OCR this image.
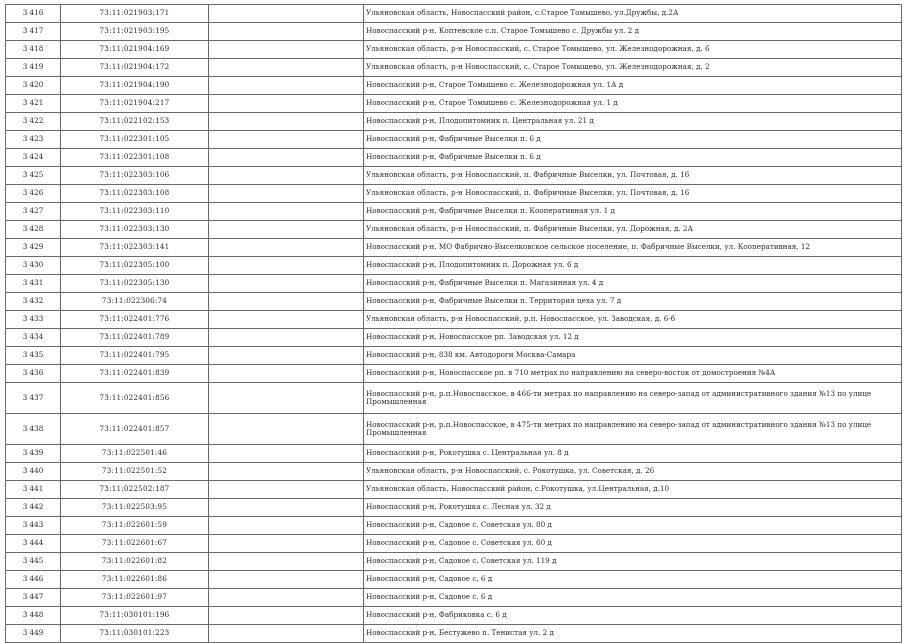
3 416	73:11:021903:171		Ульяновская область, Новоспасский район, с.Старое Томышево, ул.Дружбы, д.2А
3 417	73:11:021903:195		Новоспасский р-н, Коптевское с.п. Старое Томышево с. Дружбы ул. 2 д
3 418	73:11:021904:169		Ульяновская область, р-н Новоспасский, с. Старое Томышево, ул. Железнодорожная, д. 6
3 419	73:11:021904:172		Ульяновская область, р-н Новоспасский, с. Старое Томышево, ул. Железнодорожная, д. 2
3 420	73:11:021904:190		Новоспасский р-н, Старое Томышево с. Железнодорожная ул. 1А д
3 421	73:11:021904:217		Новоспасский р-н, Старое Томышево с. Железнодорожная ул. 1 д
3 422	73:11:022102:153		Новоспасский р-н, Плодопитомник п. Центральная ул. 21 д
3 423	73:11:022301:105		Новоспасский р-н, Фабричные Выселки п. 6 д
3 424	73:11:022301:108		Новоспасский р-н, Фабричные Выселки п. 6 д
3 425	73:11:022303:106		Ульяновская область, р-н Новоспасский, п. Фабричные Выселки, ул. Почтовая, д. 16
3 426	73:11:022303:108		Ульяновская область, р-н Новоспасский, п. Фабричные Выселки, ул. Почтовая, д. 16
3 427	73:11:022303:110		Новоспасский р-н, Фабричные Выселки п. Кооперативная ул. 1 д
3 428	73:11:022303:130		Ульяновская область, р-н Новоспасский, п. Фабричные Выселки, ул. Дорожная, д. 2А
3 429	73:11:022303:141		Новоспасский р-н, МО Фабрично-Выселковское сельское поселение, п. Фабричные Выселки, ул. Кооперативная, 12
3 430	73:11:022305:100		Новоспасский р-н, Плодопитомник п. Дорожная ул. 6 д
3 431	73:11:022305:130		Новоспасский р-н, Фабричные Выселки п. Магазинная ул. 4 д
3 432	73:11:022306:74		Новоспасский р-н, Фабричные Выселки п. Территория цеха ул. 7 д
3 433	73:11:022401:776		Ульяновская область, р-н Новоспасский, р.п. Новоспасское, ул. Заводская, д. 6-б
3 434	73:11:022401:789		Новоспасский р-н, Новоспасское рп. Заводская ул. 12 д
3 435	73:11:022401:795		Новоспасский р-н, 838 км. Автодороги Москва-Самара
3 436	73:11:022401:839		Новоспасский р-н, Новоспасское рп. в 710 метрах по направлению на северо-восток от домостроения №4А
3 437	73:11:022401:856		Новоспасский р-н, р.п.Новоспасское, в 466-ти метрах по направлению на северо-запад от административного здания №13 по улице Промышленная
3 438	73:11:022401:857		Новоспасский р-н, р.п.Новоспасское, в 475-ти метрах по направлению на северо-запад от административного здания №13 по улице Промышленная
3 439	73:11:022501:46		Новоспасский р-н, Рокотушка с. Центральная ул. 8 д
3 440	73:11:022501:52		Ульяновская область, р-н Новоспасский, с. Рокотушка, ул. Советская, д. 26
3 441	73:11:022502:187		Ульяновская область, Новоспасский район, с.Рокотушка, ул.Центральная, д.10
3 442	73:11:022503:95		Новоспасский р-н, Рокотушка с. Лесная ул. 32 д
3 443	73:11:022601:59		Новоспасский р-н, Садовое с. Советская ул. 80 д
3 444	73:11:022601:67		Новоспасский р-н, Садовое с. Советская ул. 60 д
3 445	73:11:022601:82		Новоспасский р-н, Садовое с. Советская ул. 119 д
3 446	73:11:022601:86		Новоспасский р-н, Садовое с. 6 д
3 447	73:11:022601:97		Новоспасский р-н, Садовое с. 6 д
3 448	73:11:030101:196		Новоспасский р-н, Фабриковка с. 6 д
3 449	73:11:030101:223		Новоспасский р-н, Бестужево п. Тенистая ул. 2 д
